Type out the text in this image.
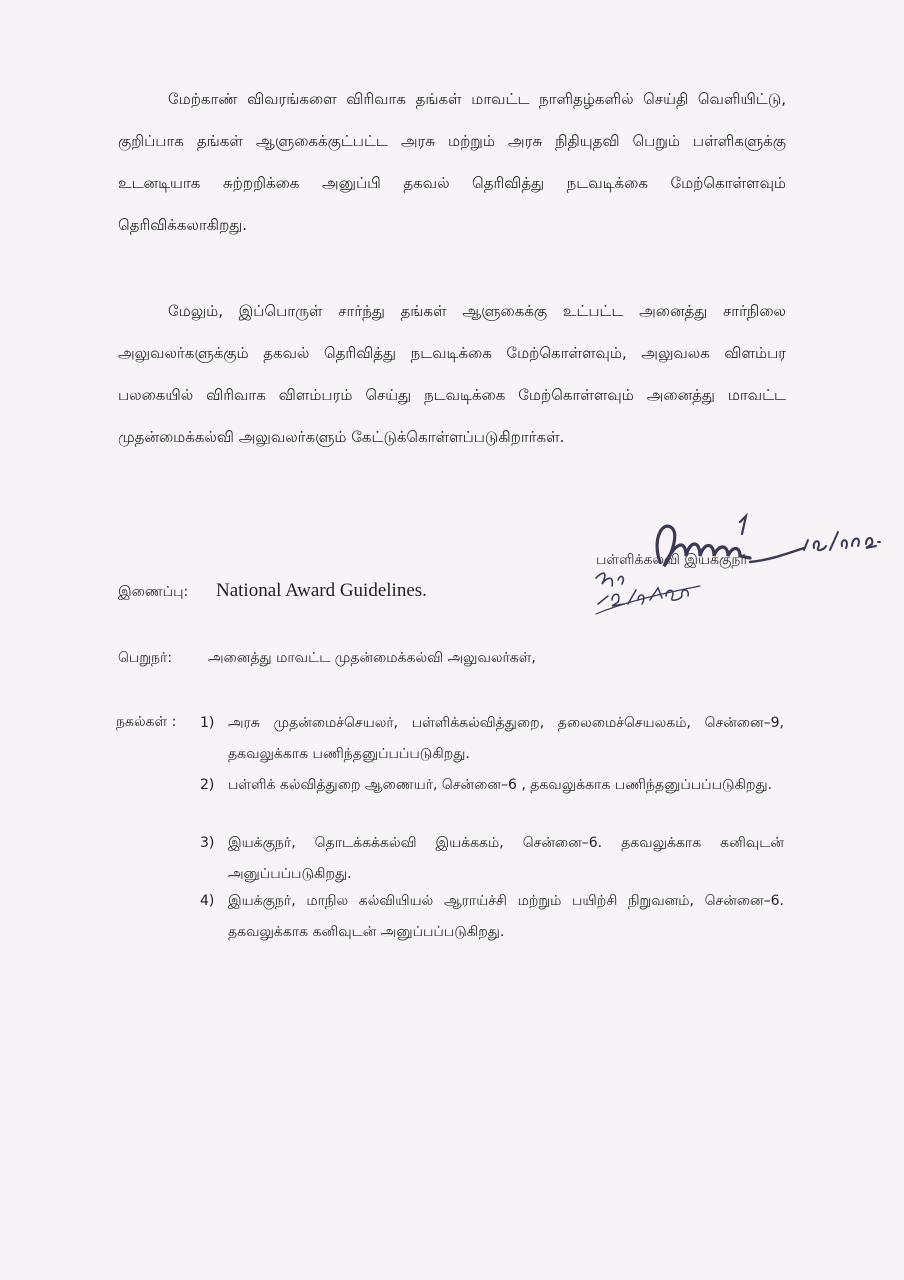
மேற்காண் விவரங்களை விரிவாக தங்கள் மாவட்ட நாளிதழ்களில் செய்தி வெளியிட்டு, குறிப்பாக தங்கள் ஆளுகைக்குட்பட்ட அரசு மற்றும் அரசு நிதியுதவி பெறும் பள்ளிகளுக்கு உடனடியாக சுற்றறிக்கை அனுப்பி தகவல் தெரிவித்து நடவடிக்கை மேற்கொள்ளவும் தெரிவிக்கலாகிறது.

மேலும், இப்பொருள் சார்ந்து தங்கள் ஆளுகைக்கு உட்பட்ட அனைத்து சார்நிலை அலுவலர்களுக்கும் தகவல் தெரிவித்து நடவடிக்கை மேற்கொள்ளவும், அலுவலக விளம்பர பலகையில் விரிவாக விளம்பரம் செய்து நடவடிக்கை மேற்கொள்ளவும் அனைத்து மாவட்ட முதன்மைக்கல்வி அலுவலர்களும் கேட்டுக்கொள்ளப்படுகிறார்கள்.

பள்ளிக்கல்வி இயக்குநர்
இணைப்பு: National Award Guidelines.
பெறுநர்:	அனைத்து மாவட்ட முதன்மைக்கல்வி அலுவலர்கள்,
நகல்கள் : 1) அரசு முதன்மைச்செயலர், பள்ளிக்கல்வித்துறை, தலைமைச்செயலகம், சென்னை–9, தகவலுக்காக பணிந்தனுப்பப்படுகிறது.
2) பள்ளிக் கல்வித்துறை ஆணையர், சென்னை–6 , தகவலுக்காக பணிந்தனுப்பப்படுகிறது.
3) இயக்குநர், தொடக்கக்கல்வி இயக்ககம், சென்னை–6. தகவலுக்காக கனிவுடன் அனுப்பப்படுகிறது.
4) இயக்குநர், மாநில கல்வியியல் ஆராய்ச்சி மற்றும் பயிற்சி நிறுவனம், சென்னை–6. தகவலுக்காக கனிவுடன் அனுப்பப்படுகிறது.
